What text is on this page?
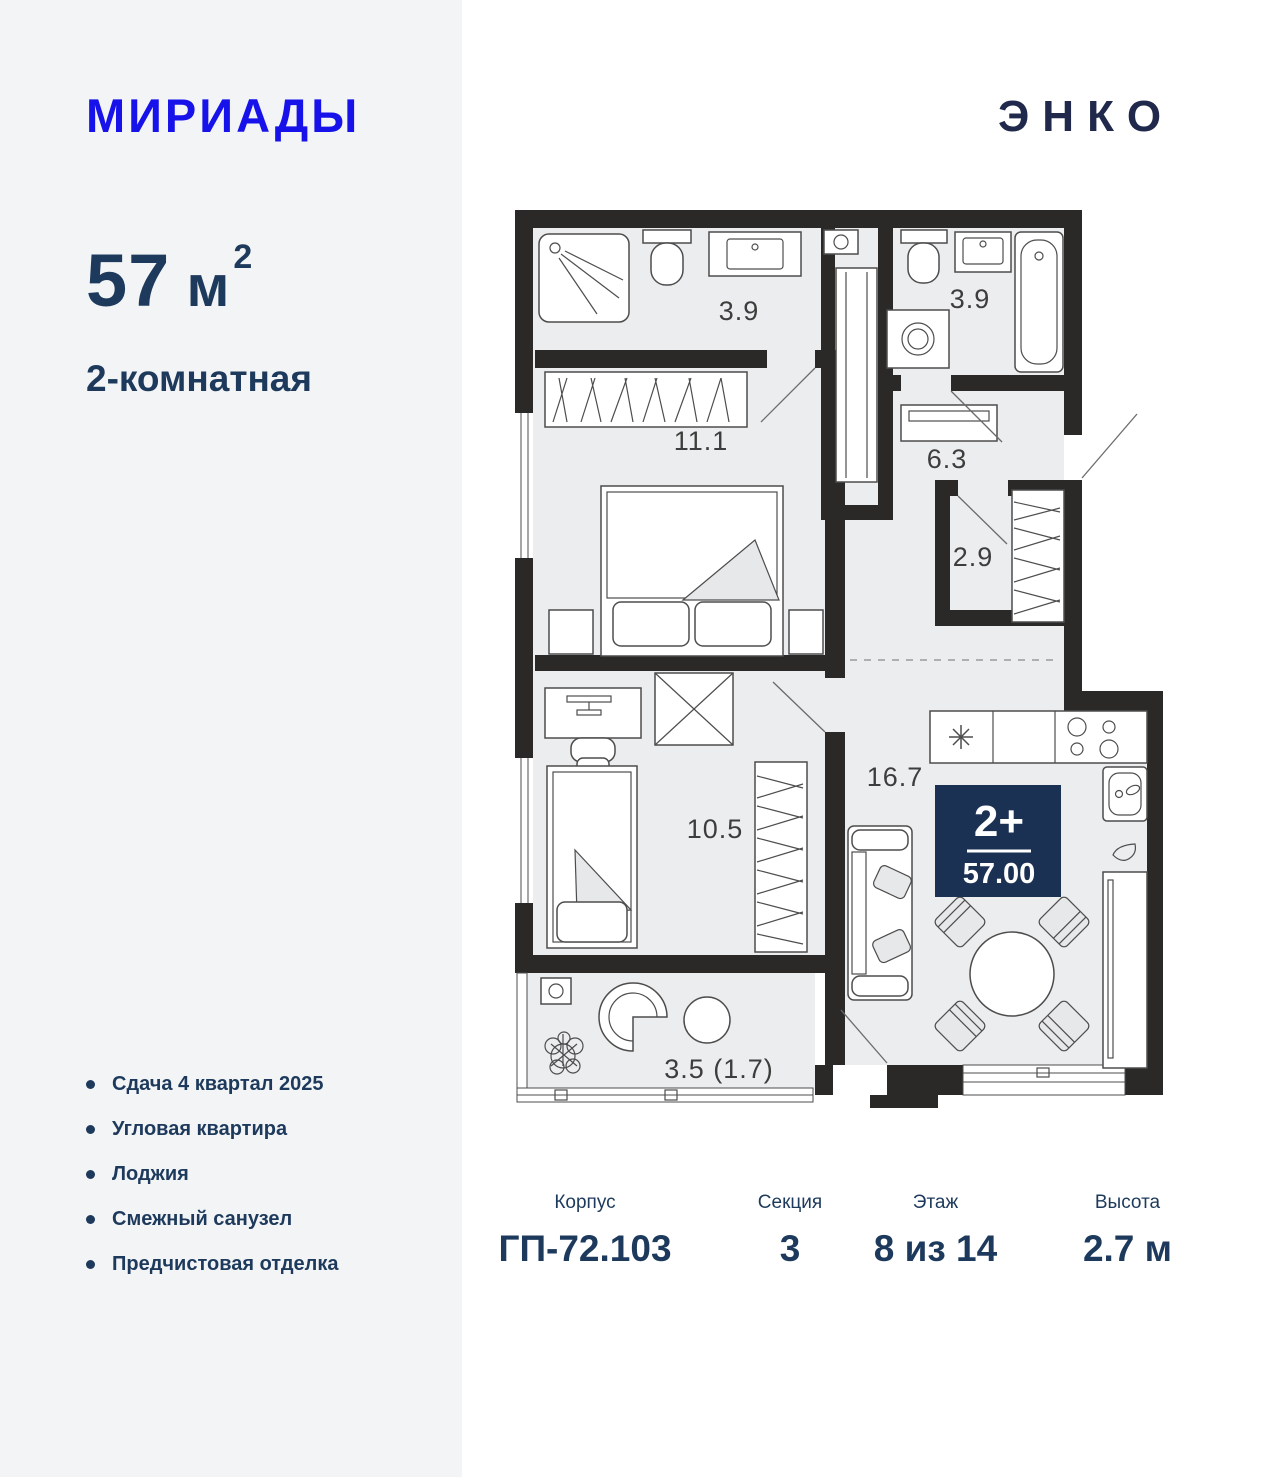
МИРИАДЫ	ЭНКО
57 м 2
2-комнатная
Сдача 4 квартал 2025
Угловая квартира
Лоджия
Смежный санузел
Предчистовая отделка
Корпус
ГП-72.103
Секция
3
Этаж
8 из 14
Высота
2.7 м
3.9	3.9
11.1
6.3
2.9
16.7
10.5
3.5 (1.7)
2+
57.00
